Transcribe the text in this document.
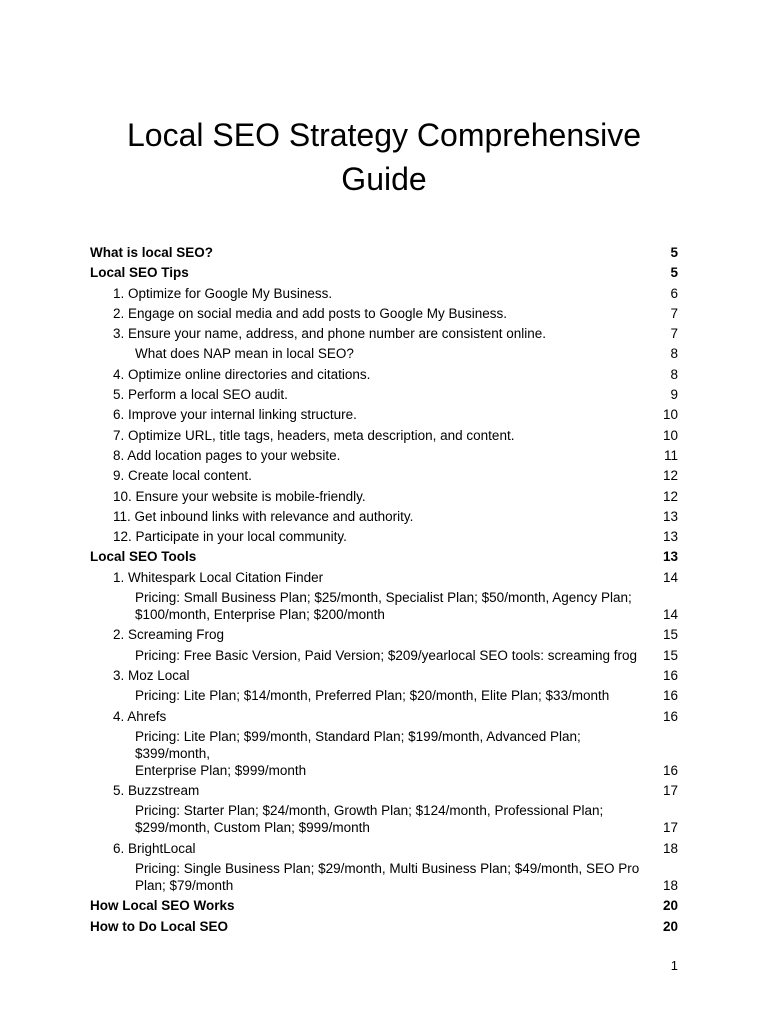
Local SEO Strategy Comprehensive
Guide
What is local SEO?	5
Local SEO Tips	5
1. Optimize for Google My Business.	6
2. Engage on social media and add posts to Google My Business.	7
3. Ensure your name, address, and phone number are consistent online.	7
What does NAP mean in local SEO?	8
4. Optimize online directories and citations.	8
5. Perform a local SEO audit.	9
6. Improve your internal linking structure.	10
7. Optimize URL, title tags, headers, meta description, and content.	10
8. Add location pages to your website.	11
9. Create local content.	12
10. Ensure your website is mobile-friendly.	12
11. Get inbound links with relevance and authority.	13
12. Participate in your local community.	13
Local SEO Tools	13
1. Whitespark Local Citation Finder	14
Pricing: Small Business Plan; $25/month, Specialist Plan; $50/month, Agency Plan;
$100/month, Enterprise Plan; $200/month	14
2. Screaming Frog	15
Pricing: Free Basic Version, Paid Version; $209/yearlocal SEO tools: screaming frog	15
3. Moz Local	16
Pricing: Lite Plan; $14/month, Preferred Plan; $20/month, Elite Plan; $33/month	16
4. Ahrefs	16
Pricing: Lite Plan; $99/month, Standard Plan; $199/month, Advanced Plan; $399/month,
Enterprise Plan; $999/month	16
5. Buzzstream	17
Pricing: Starter Plan; $24/month, Growth Plan; $124/month, Professional Plan;
$299/month, Custom Plan; $999/month	17
6. BrightLocal	18
Pricing: Single Business Plan; $29/month, Multi Business Plan; $49/month, SEO Pro
Plan; $79/month	18
How Local SEO Works	20
How to Do Local SEO	20
1
